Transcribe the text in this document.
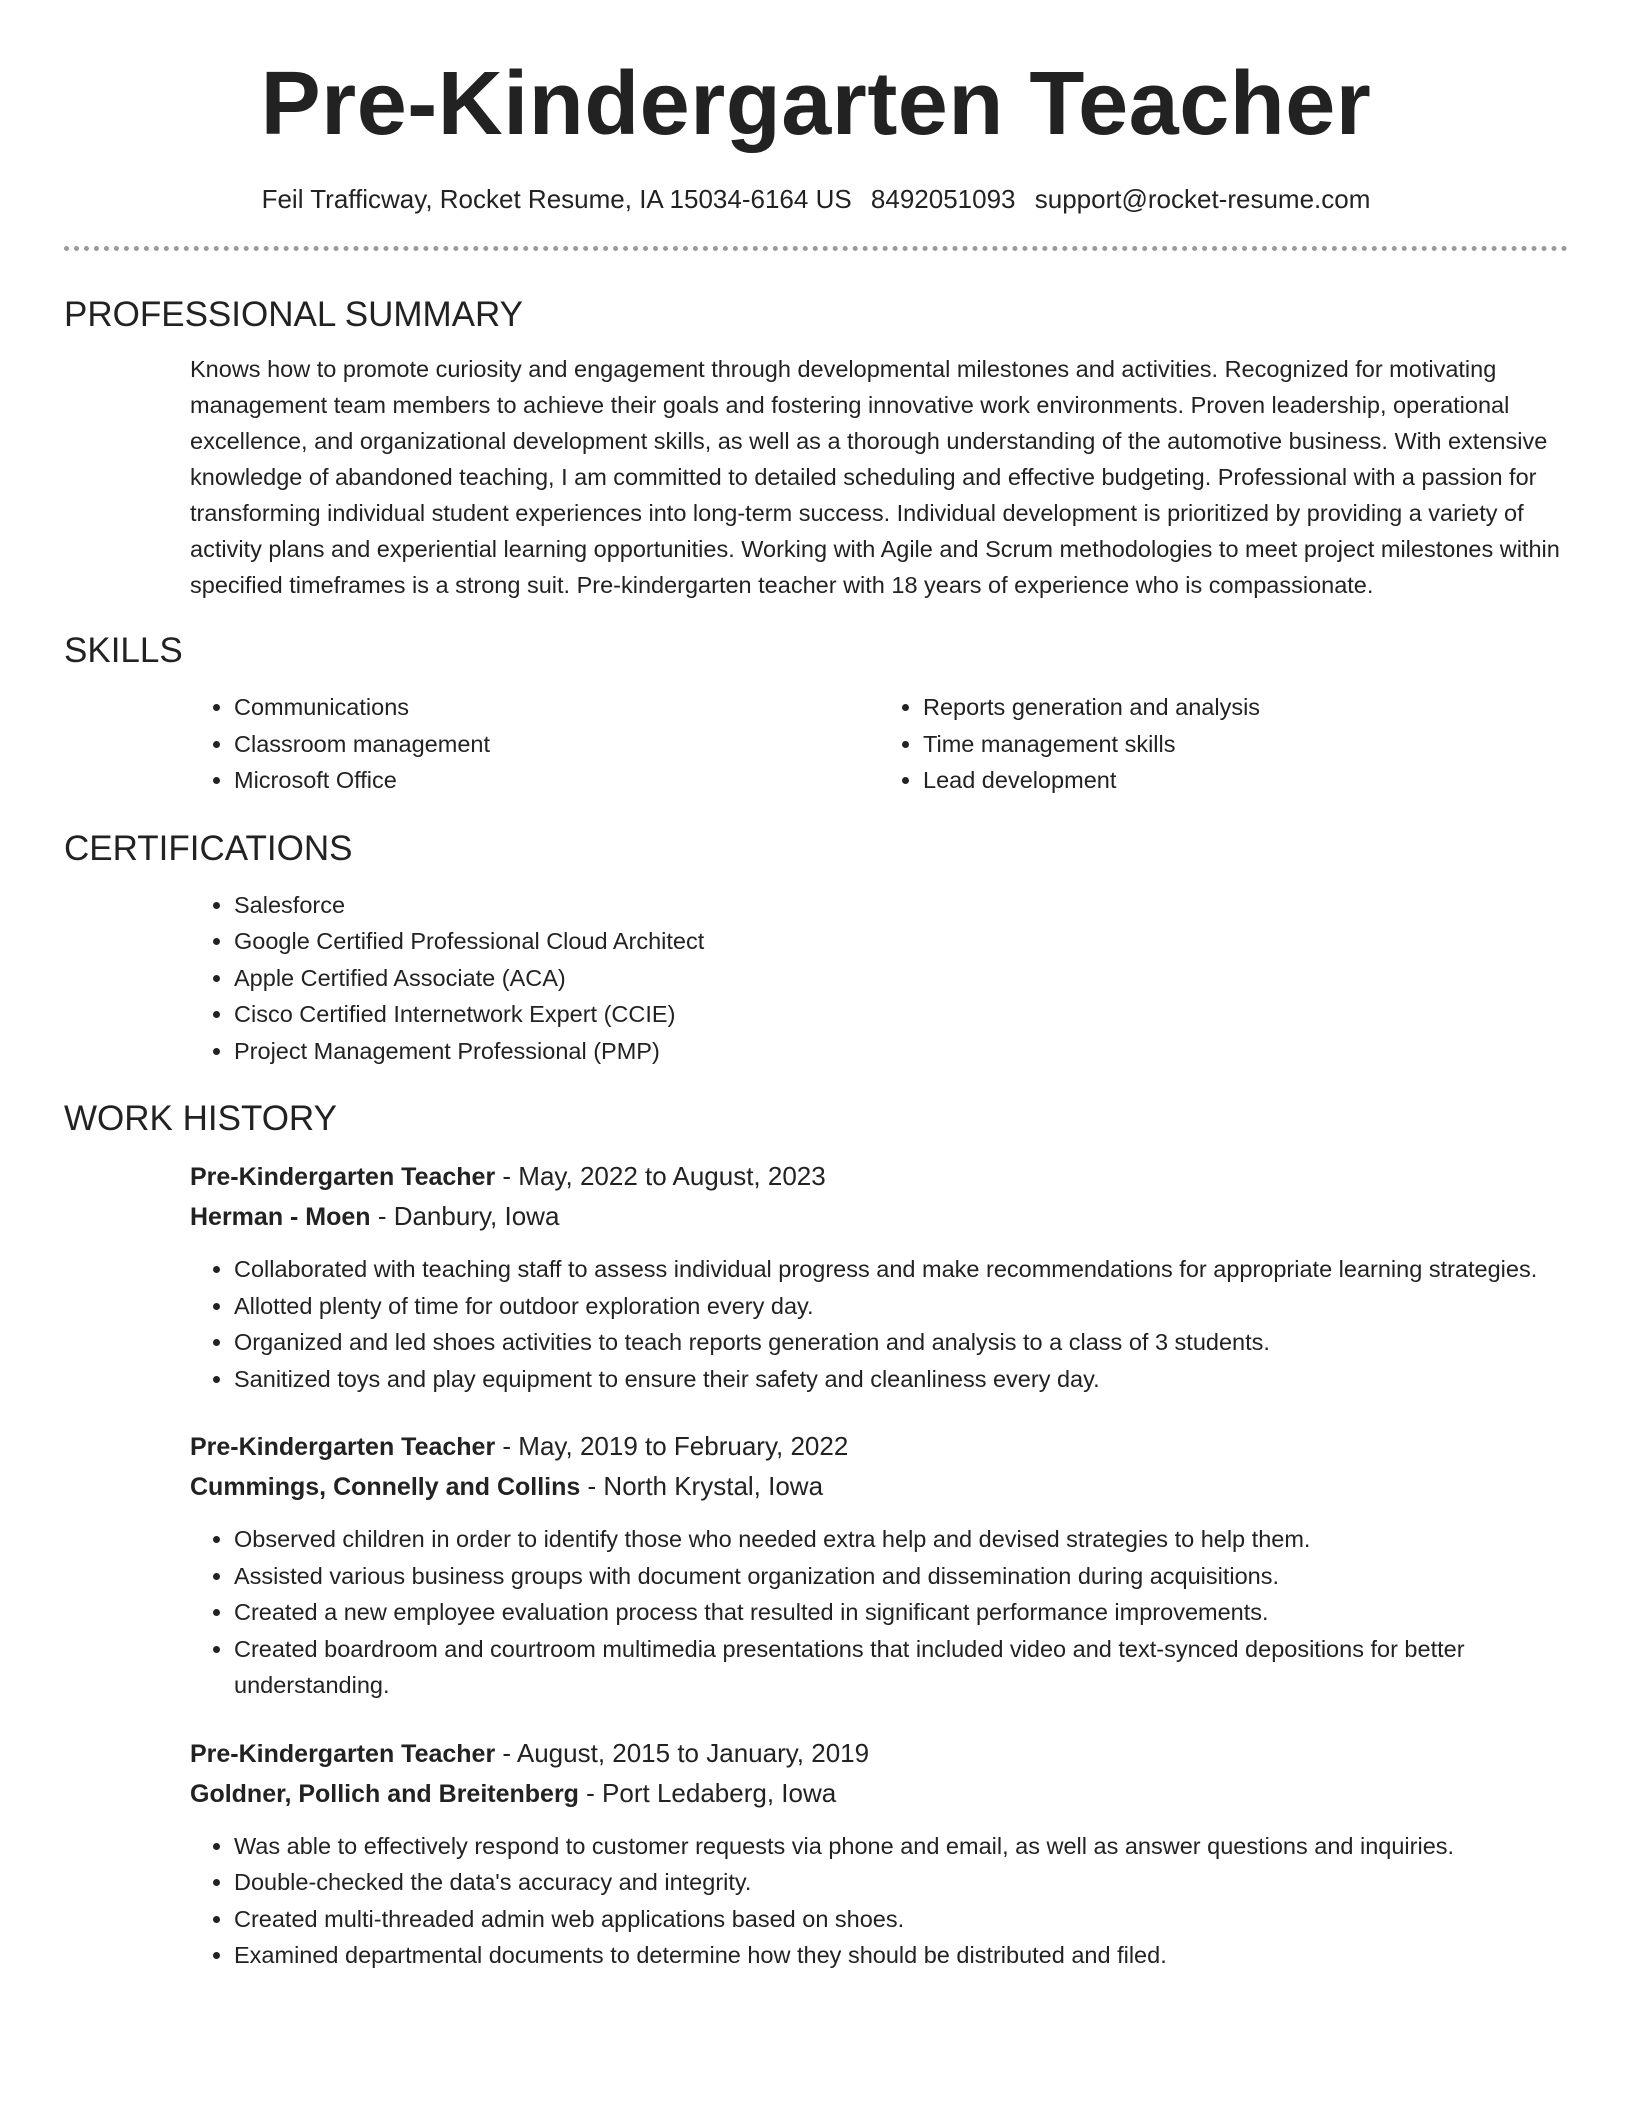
Pre-Kindergarten Teacher
Feil Trafficway, Rocket Resume, IA 15034-6164 US 8492051093 support@rocket-resume.com
PROFESSIONAL SUMMARY

Knows how to promote curiosity and engagement through developmental milestones and activities. Recognized for motivating management team members to achieve their goals and fostering innovative work environments. Proven leadership, operational excellence, and organizational development skills, as well as a thorough understanding of the automotive business. With extensive knowledge of abandoned teaching, I am committed to detailed scheduling and effective budgeting. Professional with a passion for transforming individual student experiences into long-term success. Individual development is prioritized by providing a variety of activity plans and experiential learning opportunities. Working with Agile and Scrum methodologies to meet project milestones within specified timeframes is a strong suit. Pre-kindergarten teacher with 18 years of experience who is compassionate.

SKILLS
• Communications
• Classroom management
• Microsoft Office
• Reports generation and analysis
• Time management skills
• Lead development
CERTIFICATIONS
• Salesforce
• Google Certified Professional Cloud Architect
• Apple Certified Associate (ACA)
• Cisco Certified Internetwork Expert (CCIE)
• Project Management Professional (PMP)
WORK HISTORY
Pre-Kindergarten Teacher - May, 2022 to August, 2023
Herman - Moen - Danbury, Iowa
• Collaborated with teaching staff to assess individual progress and make recommendations for appropriate learning strategies.
• Allotted plenty of time for outdoor exploration every day.
• Organized and led shoes activities to teach reports generation and analysis to a class of 3 students.
• Sanitized toys and play equipment to ensure their safety and cleanliness every day.
Pre-Kindergarten Teacher - May, 2019 to February, 2022
Cummings, Connelly and Collins - North Krystal, Iowa
• Observed children in order to identify those who needed extra help and devised strategies to help them.
• Assisted various business groups with document organization and dissemination during acquisitions.
• Created a new employee evaluation process that resulted in significant performance improvements.
• Created boardroom and courtroom multimedia presentations that included video and text-synced depositions for better understanding.
Pre-Kindergarten Teacher - August, 2015 to January, 2019
Goldner, Pollich and Breitenberg - Port Ledaberg, Iowa
• Was able to effectively respond to customer requests via phone and email, as well as answer questions and inquiries.
• Double-checked the data's accuracy and integrity.
• Created multi-threaded admin web applications based on shoes.
• Examined departmental documents to determine how they should be distributed and filed.
